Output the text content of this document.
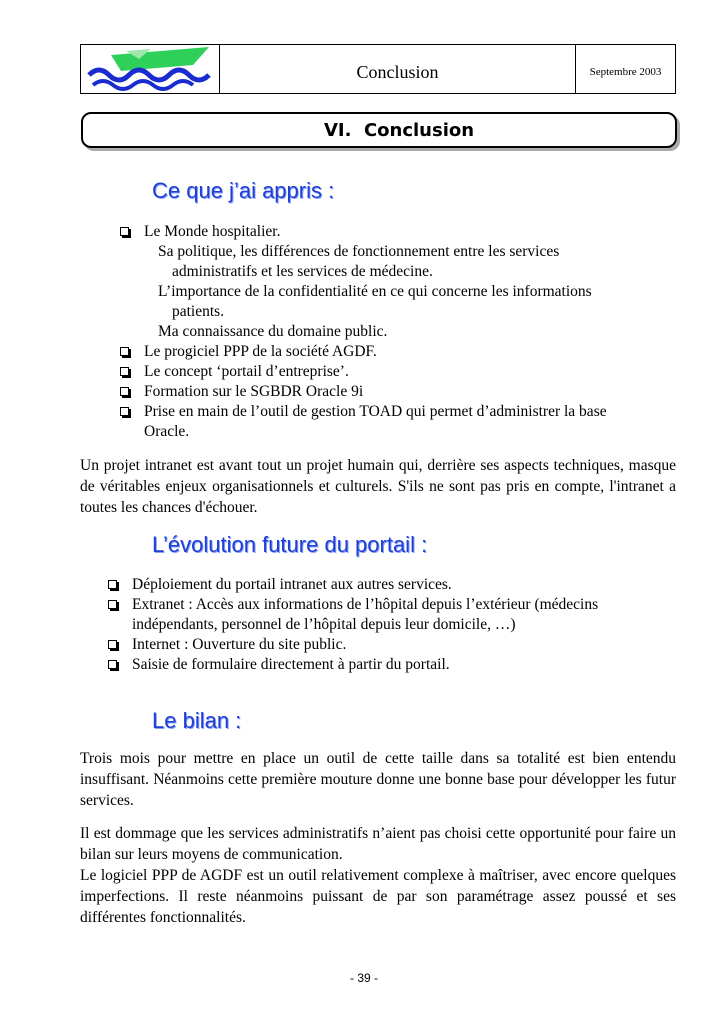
Conclusion	Septembre 2003
VI.
Conclusion
Ce que j’ai appris :
Le Monde hospitalier.
Sa politique, les différences de fonctionnement entre les services
administratifs et les services de médecine.
L’importance de la confidentialité en ce qui concerne les informations
patients.
Ma connaissance du domaine public.
Le progiciel PPP de la société AGDF.
Le concept ‘portail d’entreprise’.
Formation sur le SGBDR Oracle 9i
Prise en main de l’outil de gestion TOAD qui permet d’administrer la base
Oracle.
Un projet intranet est avant tout un projet humain qui, derrière ses aspects techniques, masque de véritables enjeux organisationnels et culturels. S'ils ne sont pas pris en compte, l'intranet a toutes les chances d'échouer.
L’évolution future du portail :
Déploiement du portail intranet aux autres services.
Extranet : Accès aux informations de l’hôpital depuis l’extérieur (médecins
indépendants, personnel de l’hôpital depuis leur domicile, …)
Internet : Ouverture du site public.
Saisie de formulaire directement à partir du portail.
Le bilan :
Trois mois pour mettre en place un outil de cette taille dans sa totalité est bien entendu insuffisant. Néanmoins cette première mouture donne une bonne base pour développer les futur services.
Il est dommage que les services administratifs n’aient pas choisi cette opportunité pour faire un bilan sur leurs moyens de communication.
Le logiciel PPP de AGDF est un outil relativement complexe à maîtriser, avec encore quelques imperfections. Il reste néanmoins puissant de par son paramétrage assez poussé et ses différentes fonctionnalités.
- 39 -
